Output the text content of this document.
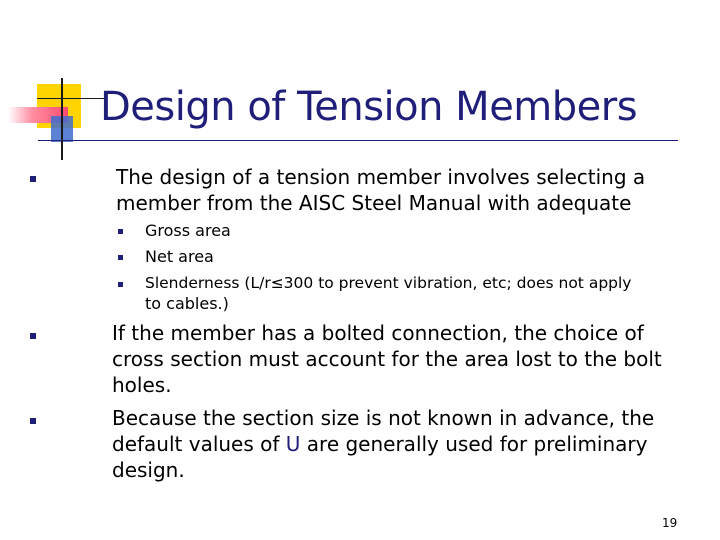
Design of Tension Members
The design of a tension member involves selecting a
member from the AISC Steel Manual with adequate
Gross area
Net area
Slenderness (L/r≤300 to prevent vibration, etc; does not apply
to cables.)
If the member has a bolted connection, the choice of
cross section must account for the area lost to the bolt
holes.
Because the section size is not known in advance, the
default values of U are generally used for preliminary
design.
19
